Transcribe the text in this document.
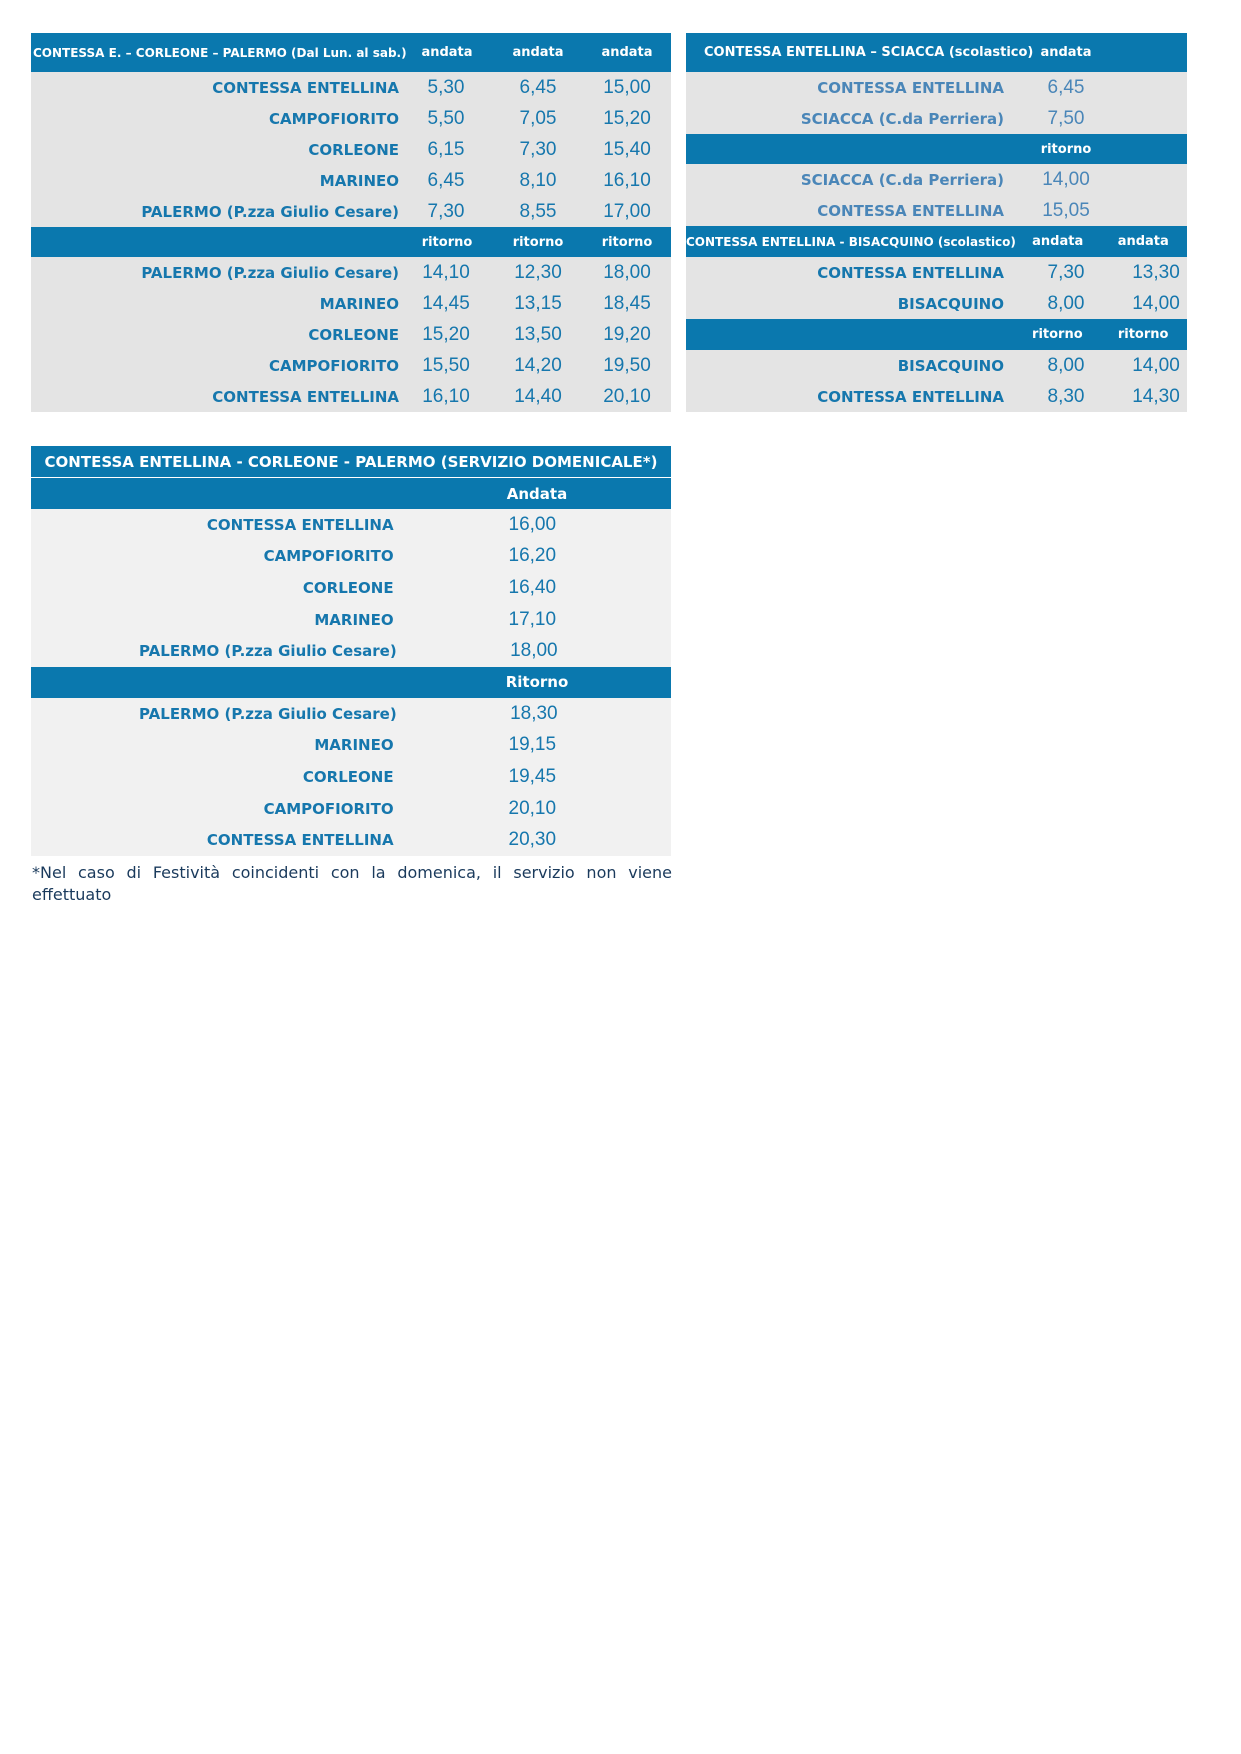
CONTESSA E. – CORLEONE – PALERMO (Dal Lun. al sab.)	andata	andata	andata
CONTESSA ENTELLINA	5,30	6,45	15,00
CAMPOFIORITO	5,50	7,05	15,20
CORLEONE	6,15	7,30	15,40
MARINEO	6,45	8,10	16,10
PALERMO (P.zza Giulio Cesare)	7,30	8,55	17,00
ritorno	ritorno	ritorno
PALERMO (P.zza Giulio Cesare)	14,10	12,30	18,00
MARINEO	14,45	13,15	18,45
CORLEONE	15,20	13,50	19,20
CAMPOFIORITO	15,50	14,20	19,50
CONTESSA ENTELLINA	16,10	14,40	20,10
CONTESSA ENTELLINA – SCIACCA (scolastico) andata
CONTESSA ENTELLINA	6,45
SCIACCA (C.da Perriera)	7,50
ritorno
SCIACCA (C.da Perriera)	14,00
CONTESSA ENTELLINA	15,05
CONTESSA ENTELLINA - BISACQUINO (scolastico)	andata	andata
CONTESSA ENTELLINA	7,30	13,30
BISACQUINO	8,00	14,00
ritorno	ritorno
BISACQUINO	8,00	14,00
CONTESSA ENTELLINA	8,30	14,30
CONTESSA ENTELLINA - CORLEONE - PALERMO (SERVIZIO DOMENICALE*)
Andata
CONTESSA ENTELLINA	16,00
CAMPOFIORITO	16,20
CORLEONE	16,40
MARINEO	17,10
PALERMO (P.zza Giulio Cesare)	18,00
Ritorno
PALERMO (P.zza Giulio Cesare)	18,30
MARINEO	19,15
CORLEONE	19,45
CAMPOFIORITO	20,10
CONTESSA ENTELLINA	20,30
*Nel caso di Festività coincidenti con la domenica, il servizio non viene effettuato
